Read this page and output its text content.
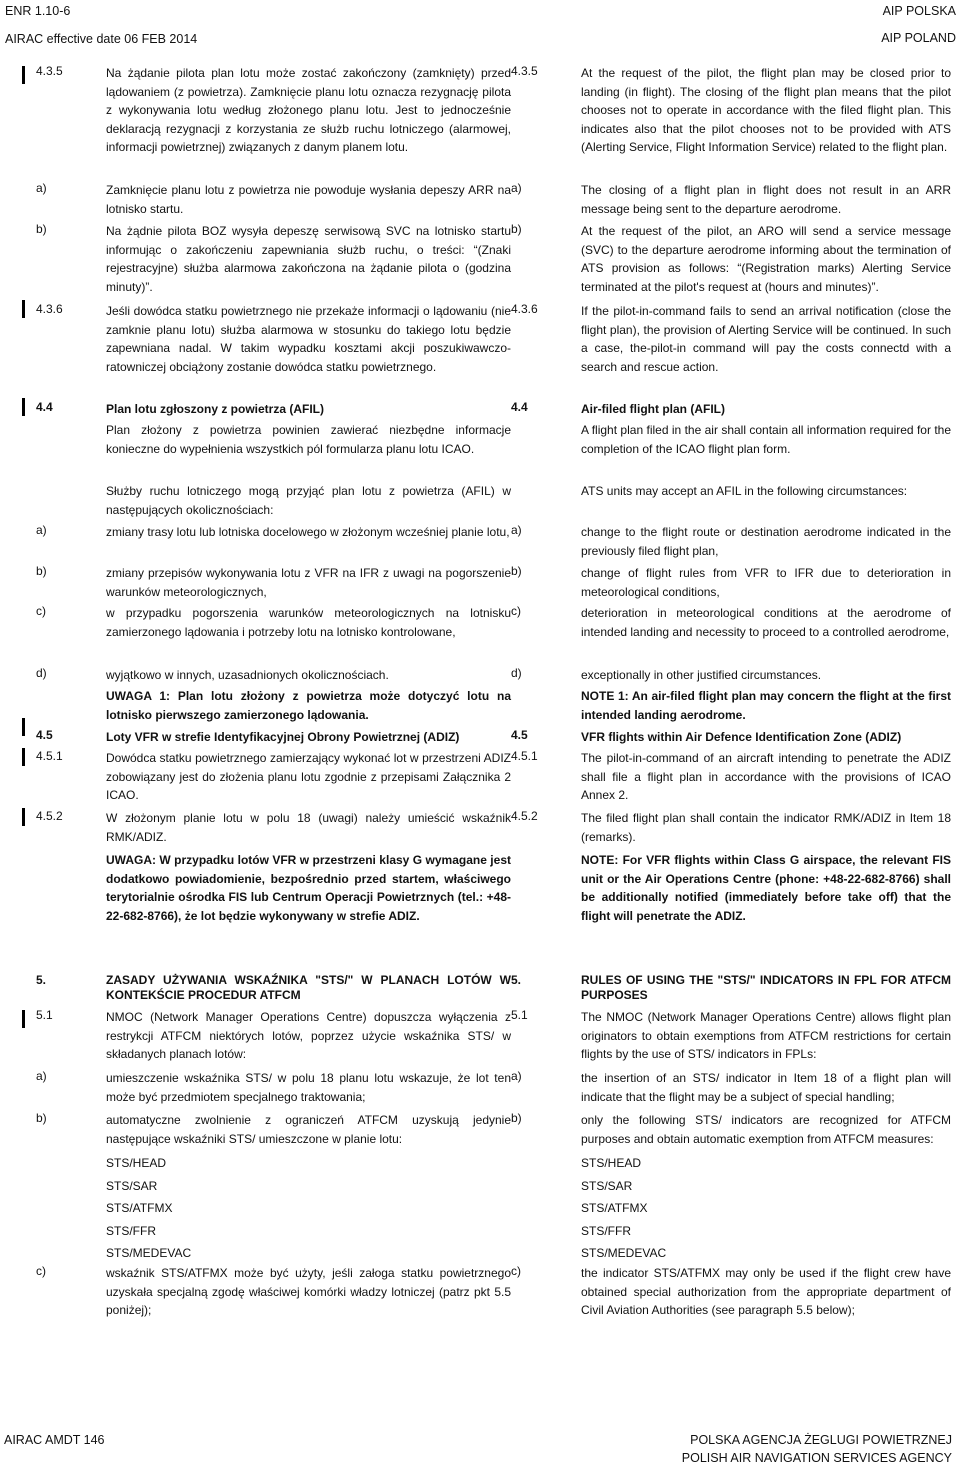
ENR 1.10-6
AIRAC effective date 06 FEB 2014
AIP POLSKA
AIP POLAND
4.3.5	Na żądanie pilota plan lotu może zostać zakończony (zamknięty) przed lądowaniem (z powietrza). Zamknięcie planu lotu oznacza rezygnację pilota z wykonywania lotu według złożonego planu lotu. Jest to jednocześnie deklaracją rezygnacji z korzystania ze służb ruchu lotniczego (alarmowej, informacji powietrznej) związanych z danym planem lotu.
a)	Zamknięcie planu lotu z powietrza nie powoduje wysłania depeszy ARR na lotnisko startu.
b)	Na żądnie pilota BOZ wysyła depeszę serwisową SVC na lotnisko startu informując o zakończeniu zapewniania służb ruchu, o treści: “(Znaki rejestracyjne) służba alarmowa zakończona na żądanie pilota o (godzina minuty)”.
4.3.6	Jeśli dowódca statku powietrznego nie przekaże informacji o lądowaniu (nie zamknie planu lotu) służba alarmowa w stosunku do takiego lotu będzie zapewniana nadal. W takim wypadku kosztami akcji poszukiwawczo-ratowniczej obciążony zostanie dowódca statku powietrznego.
4.4	Plan lotu zgłoszony z powietrza (AFIL)
Plan złożony z powietrza powinien zawierać niezbędne informacje konieczne do wypełnienia wszystkich pól formularza planu lotu ICAO.
Służby ruchu lotniczego mogą przyjąć plan lotu z powietrza (AFIL) w następujących okolicznościach:
a)	zmiany trasy lotu lub lotniska docelowego w złożonym wcześniej planie lotu,
b)	zmiany przepisów wykonywania lotu z VFR na IFR z uwagi na pogorszenie warunków meteorologicznych,
c)	w przypadku pogorszenia warunków meteorologicznych na lotnisku zamierzonego lądowania i potrzeby lotu na lotnisko kontrolowane,
d)	wyjątkowo w innych, uzasadnionych okolicznościach.
UWAGA 1: Plan lotu złożony z powietrza może dotyczyć lotu na lotnisko pierwszego zamierzonego lądowania.
4.5	Loty VFR w strefie Identyfikacyjnej Obrony Powietrznej (ADIZ)
4.5.1	Dowódca statku powietrznego zamierzający wykonać lot w przestrzeni ADIZ zobowiązany jest do złożenia planu lotu zgodnie z przepisami Załącznika 2 ICAO.
4.5.2	W złożonym planie lotu w polu 18 (uwagi) należy umieścić wskaźnik RMK/ADIZ.
UWAGA: W przypadku lotów VFR w przestrzeni klasy G wymagane jest dodatkowo powiadomienie, bezpośrednio przed startem, właściwego terytorialnie ośrodka FIS lub Centrum Operacji Powietrznych (tel.: +48-22-682-8766), że lot będzie wykonywany w strefie ADIZ.
5.	ZASADY UŻYWANIA WSKAŹNIKA "STS/" W PLANACH LOTÓW W KONTEKŚCIE PROCEDUR ATFCM
5.1	NMOC (Network Manager Operations Centre) dopuszcza wyłączenia z restrykcji ATFCM niektórych lotów, poprzez użycie wskaźnika STS/ w składanych planach lotów:
a)	umieszczenie wskaźnika STS/ w polu 18 planu lotu wskazuje, że lot ten może być przedmiotem specjalnego traktowania;
b)	automatyczne zwolnienie z ograniczeń ATFCM uzyskują jedynie następujące wskaźniki STS/ umieszczone w planie lotu:
STS/HEAD
STS/SAR
STS/ATFMX
STS/FFR
STS/MEDEVAC
c)	wskaźnik STS/ATFMX może być użyty, jeśli załoga statku powietrznego uzyskała specjalną zgodę właściwej komórki władzy lotniczej (patrz pkt 5.5 poniżej);
4.3.5	At the request of the pilot, the flight plan may be closed prior to landing (in flight). The closing of the flight plan means that the pilot chooses not to operate in accordance with the filed flight plan. This indicates also that the pilot chooses not to be provided with ATS (Alerting Service, Flight Information Service) related to the flight plan.
a)	The closing of a flight plan in flight does not result in an ARR message being sent to the departure aerodrome.
b)	At the request of the pilot, an ARO will send a service message (SVC) to the departure aerodrome informing about the termination of ATS provision as follows: “(Registration marks) Alerting Service terminated at the pilot's request at (hours and minutes)”.
4.3.6	If the pilot-in-command fails to send an arrival notification (close the flight plan), the provision of Alerting Service will be continued. In such a case, the-pilot-in command will pay the costs connectd with a search and rescue action.
4.4	Air-filed flight plan (AFIL)
A flight plan filed in the air shall contain all information required for the completion of the ICAO flight plan form.
ATS units may accept an AFIL in the following circumstances:
a)	change to the flight route or destination aerodrome indicated in the previously filed flight plan,
b)	change of flight rules from VFR to IFR due to deterioration in meteorological conditions,
c)	deterioration in meteorological conditions at the aerodrome of intended landing and necessity to proceed to a controlled aerodrome,
d)	exceptionally in other justified circumstances.
NOTE 1: An air-filed flight plan may concern the flight at the first intended landing aerodrome.
4.5	VFR flights within Air Defence Identification Zone (ADIZ)
4.5.1	The pilot-in-command of an aircraft intending to penetrate the ADIZ shall file a flight plan in accordance with the provisions of ICAO Annex 2.
4.5.2	The filed flight plan shall contain the indicator RMK/ADIZ in Item 18 (remarks).
NOTE: For VFR flights within Class G airspace, the relevant FIS unit or the Air Operations Centre (phone: +48-22-682-8766) shall be additionally notified (immediately before take off) that the flight will penetrate the ADIZ.
5.	RULES OF USING THE "STS/" INDICATORS IN FPL FOR ATFCM PURPOSES
5.1	The NMOC (Network Manager Operations Centre) allows flight plan originators to obtain exemptions from ATFCM restrictions for certain flights by the use of STS/ indicators in FPLs:
a)	the insertion of an STS/ indicator in Item 18 of a flight plan will indicate that the flight may be a subject of special handling;
b)	only the following STS/ indicators are recognized for ATFCM purposes and obtain automatic exemption from ATFCM measures:
STS/HEAD
STS/SAR
STS/ATFMX
STS/FFR
STS/MEDEVAC
c)	the indicator STS/ATFMX may only be used if the flight crew have obtained special authorization from the appropriate department of Civil Aviation Authorities (see paragraph 5.5 below);
AIRAC AMDT 146	POLSKA AGENCJA ŻEGLUGI POWIETRZNEJ
POLISH AIR NAVIGATION SERVICES AGENCY
